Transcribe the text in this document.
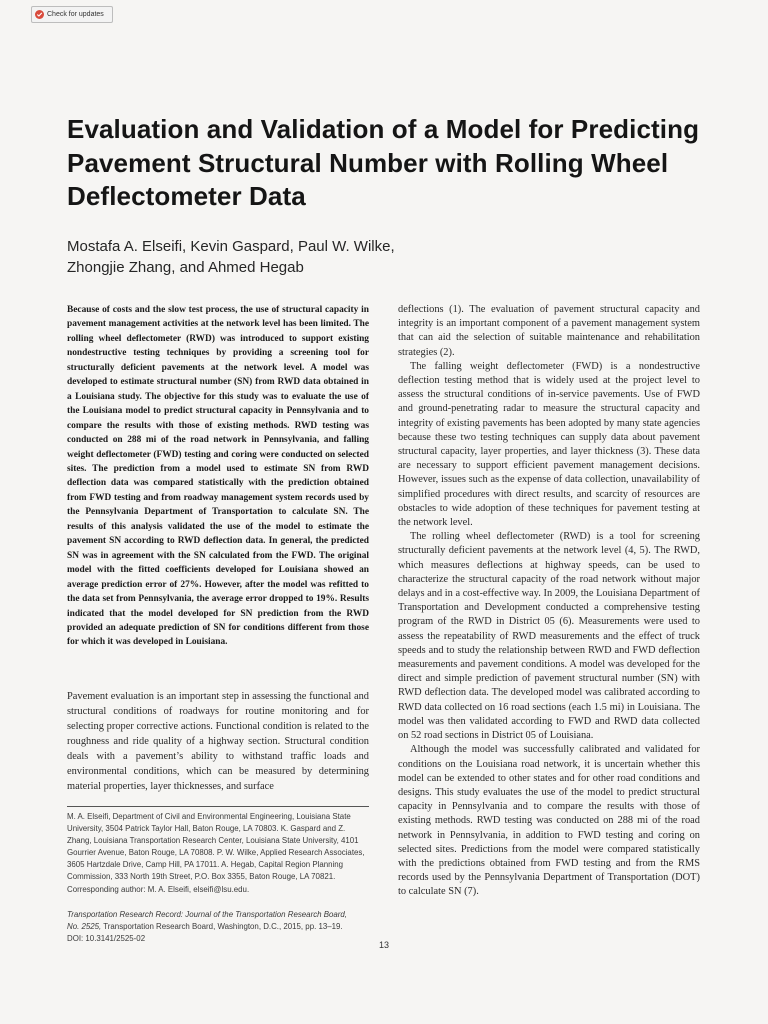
Check for updates
Evaluation and Validation of a Model for Predicting Pavement Structural Number with Rolling Wheel Deflectometer Data
Mostafa A. Elseifi, Kevin Gaspard, Paul W. Wilke,
Zhongjie Zhang, and Ahmed Hegab

Because of costs and the slow test process, the use of structural capacity in pavement management activities at the network level has been limited. The rolling wheel deflectometer (RWD) was introduced to support existing nondestructive testing techniques by providing a screening tool for structurally deficient pavements at the network level. A model was developed to estimate structural number (SN) from RWD data obtained in a Louisiana study. The objective for this study was to evaluate the use of the Louisiana model to predict structural capacity in Pennsylvania and to compare the results with those of existing methods. RWD testing was conducted on 288 mi of the road network in Pennsylvania, and falling weight deflectometer (FWD) testing and coring were conducted on selected sites. The prediction from a model used to estimate SN from RWD deflection data was compared statistically with the prediction obtained from FWD testing and from roadway management system records used by the Pennsylvania Department of Transportation to calculate SN. The results of this analysis validated the use of the model to estimate the pavement SN according to RWD deflection data. In general, the predicted SN was in agreement with the SN calculated from the FWD. The original model with the fitted coefficients developed for Louisiana showed an average prediction error of 27%. However, after the model was refitted to the data set from Pennsylvania, the average error dropped to 19%. Results indicated that the model developed for SN prediction from the RWD provided an adequate prediction of SN for conditions different from those for which it was developed in Louisiana.

Pavement evaluation is an important step in assessing the functional and structural conditions of roadways for routine monitoring and for selecting proper corrective actions. Functional condition is related to the roughness and ride quality of a highway section. Structural condition deals with a pavement’s ability to withstand traffic loads and environmental conditions, which can be measured by determining material properties, layer thicknesses, and surface

M. A. Elseifi, Department of Civil and Environmental Engineering, Louisiana State University, 3504 Patrick Taylor Hall, Baton Rouge, LA 70803. K. Gaspard and Z. Zhang, Louisiana Transportation Research Center, Louisiana State University, 4101 Gourrier Avenue, Baton Rouge, LA 70808. P. W. Wilke, Applied Research Associates, 3605 Hartzdale Drive, Camp Hill, PA 17011. A. Hegab, Capital Region Planning Commission, 333 North 19th Street, P.O. Box 3355, Baton Rouge, LA 70821. Corresponding author: M. A. Elseifi, elseifi@lsu.edu.

Transportation Research Record: Journal of the Transportation Research Board,
No. 2525, Transportation Research Board, Washington, D.C., 2015, pp. 13–19.
DOI: 10.3141/2525-02

deflections (1). The evaluation of pavement structural capacity and integrity is an important component of a pavement management system that can aid the selection of suitable maintenance and rehabilitation strategies (2).

The falling weight deflectometer (FWD) is a nondestructive deflection testing method that is widely used at the project level to assess the structural conditions of in-service pavements. Use of FWD and ground-penetrating radar to measure the structural capacity and integrity of existing pavements has been adopted by many state agencies because these two testing techniques can supply data about pavement structural capacity, layer properties, and layer thickness (3). These data are necessary to support efficient pavement management decisions. However, issues such as the expense of data collection, unavailability of simplified procedures with direct results, and scarcity of resources are obstacles to wide adoption of these techniques for pavement testing at the network level.

The rolling wheel deflectometer (RWD) is a tool for screening structurally deficient pavements at the network level (4, 5). The RWD, which measures deflections at highway speeds, can be used to characterize the structural capacity of the road network without major delays and in a cost-effective way. In 2009, the Louisiana Department of Transportation and Development conducted a comprehensive testing program of the RWD in District 05 (6). Measurements were used to assess the repeatability of RWD measurements and the effect of truck speeds and to study the relationship between RWD and FWD deflection measurements and pavement conditions. A model was developed for the direct and simple prediction of pavement structural number (SN) with RWD deflection data. The developed model was calibrated according to RWD data collected on 16 road sections (each 1.5 mi) in Louisiana. The model was then validated according to FWD and RWD data collected on 52 road sections in District 05 of Louisiana.

Although the model was successfully calibrated and validated for conditions on the Louisiana road network, it is uncertain whether this model can be extended to other states and for other road conditions and designs. This study evaluates the use of the model to predict structural capacity in Pennsylvania and to compare the results with those of existing methods. RWD testing was conducted on 288 mi of the road network in Pennsylvania, in addition to FWD testing and coring on selected sites. Predictions from the model were compared statistically with the predictions obtained from FWD testing and from the RMS records used by the Pennsylvania Department of Transportation (DOT) to calculate SN (7).

13
